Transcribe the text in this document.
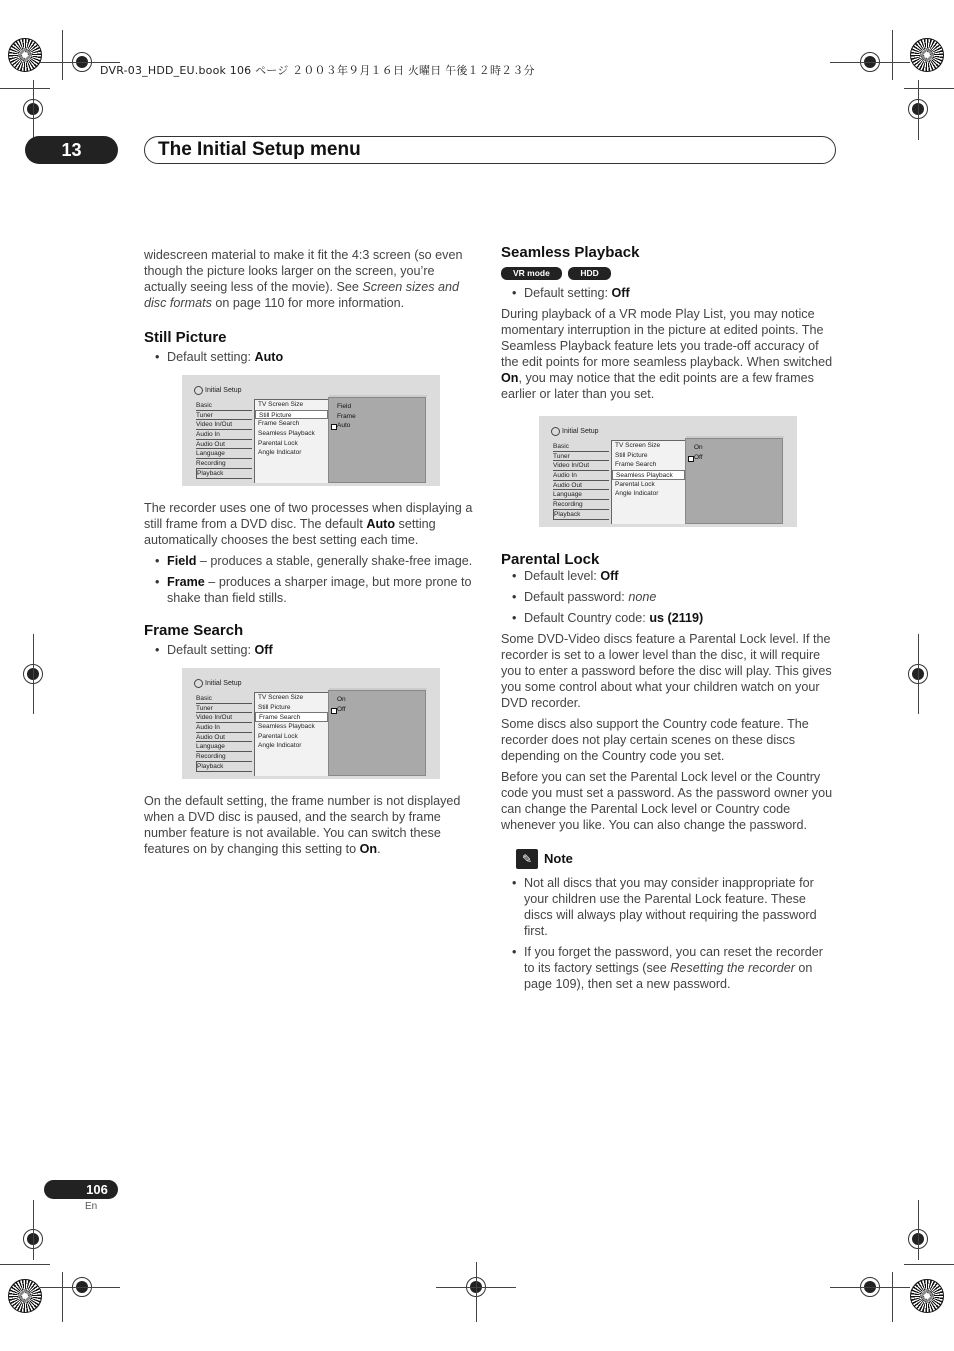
DVR-03_HDD_EU.book 106 ページ ２００３年９月１６日 火曜日 午後１２時２３分
13	The Initial Setup menu

widescreen material to make it fit the 4:3 screen (so even though the picture looks larger on the screen, you’re actually seeing less of the movie). See Screen sizes and disc formats on page 110 for more information.

Still Picture
• Default setting: Auto
Initial Setup
Basic
Tuner
Video In/Out
Audio In
Audio Out
Language
Recording
Playback
TV Screen Size
Still Picture
Frame Search
Seamless Playback
Parental Lock
Angle Indicator
Field
Frame
Auto

The recorder uses one of two processes when displaying a still frame from a DVD disc. The default Auto setting automatically chooses the best setting each time.

• Field – produces a stable, generally shake-free image.
• Frame – produces a sharper image, but more prone to shake than field stills.
Frame Search
• Default setting: Off
Initial Setup
Basic
Tuner
Video In/Out
Audio In
Audio Out
Language
Recording
Playback
TV Screen Size
Still Picture
Frame Search
Seamless Playback
Parental Lock
Angle Indicator
On
Off

On the default setting, the frame number is not displayed when a DVD disc is paused, and the search by frame number feature is not available. You can switch these features on by changing this setting to On.

Seamless Playback
VR mode	HDD
• Default setting: Off

During playback of a VR mode Play List, you may notice momentary interruption in the picture at edited points. The Seamless Playback feature lets you trade-off accuracy of the edit points for more seamless playback. When switched On, you may notice that the edit points are a few frames earlier or later than you set.

Initial Setup
Basic
Tuner
Video In/Out
Audio In
Audio Out
Language
Recording
Playback
TV Screen Size
Still Picture
Frame Search
Seamless Playback
Parental Lock
Angle Indicator
On
Off
Parental Lock
• Default level: Off
• Default password: none
• Default Country code: us (2119)

Some DVD-Video discs feature a Parental Lock level. If the recorder is set to a lower level than the disc, it will require you to enter a password before the disc will play. This gives you some control about what your children watch on your DVD recorder.

Some discs also support the Country code feature. The recorder does not play certain scenes on these discs depending on the Country code you set.

Before you can set the Parental Lock level or the Country code you must set a password. As the password owner you can change the Parental Lock level or Country code whenever you like. You can also change the password.

✎ Note
• Not all discs that you may consider inappropriate for your children use the Parental Lock feature. These discs will always play without requiring the password first.
• If you forget the password, you can reset the recorder to its factory settings (see Resetting the recorder on page 109), then set a new password.
106
En
